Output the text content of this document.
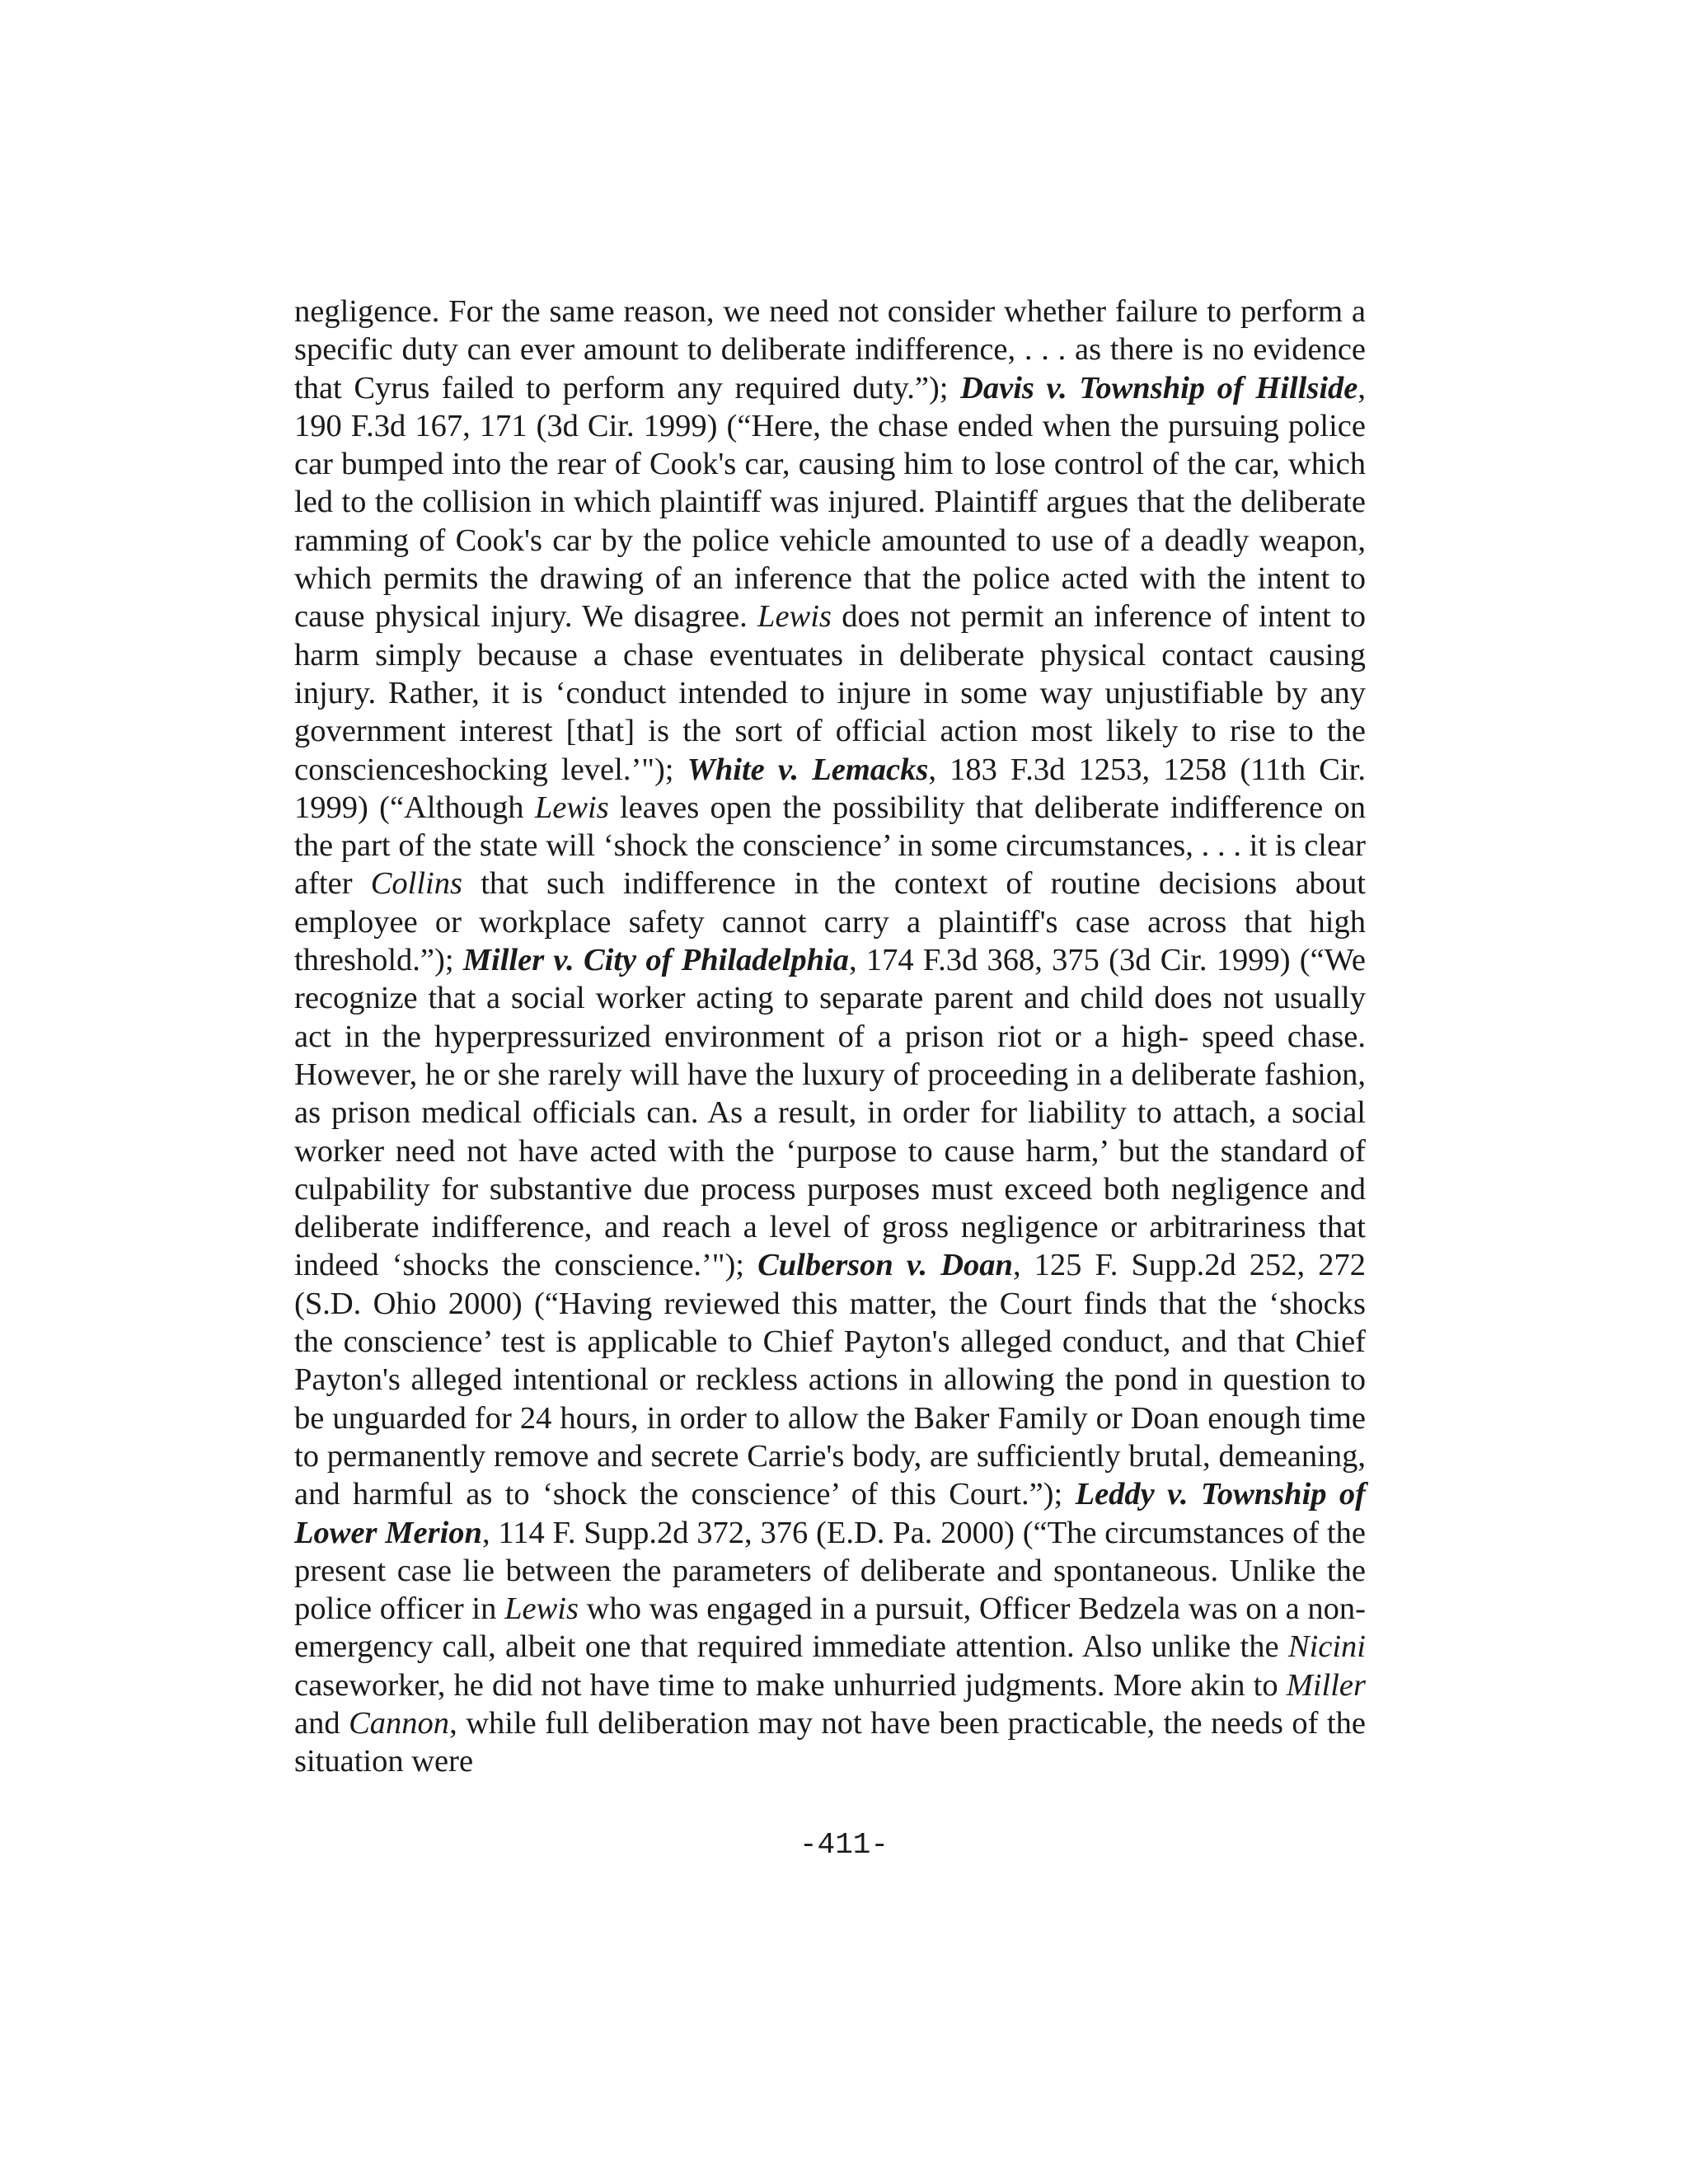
negligence. For the same reason, we need not consider whether failure to perform a specific duty can ever amount to deliberate indifference, . . . as there is no evidence that Cyrus failed to perform any required duty.”); Davis v. Township of Hillside, 190 F.3d 167, 171 (3d Cir. 1999) (“Here, the chase ended when the pursuing police car bumped into the rear of Cook's car, causing him to lose control of the car, which led to the collision in which plaintiff was injured. Plaintiff argues that the deliberate ramming of Cook's car by the police vehicle amounted to use of a deadly weapon, which permits the drawing of an inference that the police acted with the intent to cause physical injury. We disagree. Lewis does not permit an inference of intent to harm simply because a chase eventuates in deliberate physical contact causing injury. Rather, it is ‘conduct intended to injure in some way unjustifiable by any government interest [that] is the sort of official action most likely to rise to the conscienceshocking level.’"); White v. Lemacks, 183 F.3d 1253, 1258 (11th Cir. 1999) (“Although Lewis leaves open the possibility that deliberate indifference on the part of the state will ‘shock the conscience’ in some circumstances, . . . it is clear after Collins that such indifference in the context of routine decisions about employee or workplace safety cannot carry a plaintiff's case across that high threshold.”); Miller v. City of Philadelphia, 174 F.3d 368, 375 (3d Cir. 1999) (“We recognize that a social worker acting to separate parent and child does not usually act in the hyperpressurized environment of a prison riot or a high- speed chase. However, he or she rarely will have the luxury of proceeding in a deliberate fashion, as prison medical officials can. As a result, in order for liability to attach, a social worker need not have acted with the ‘purpose to cause harm,’ but the standard of culpability for substantive due process purposes must exceed both negligence and deliberate indifference, and reach a level of gross negligence or arbitrariness that indeed ‘shocks the conscience.’"); Culberson v. Doan, 125 F. Supp.2d 252, 272 (S.D. Ohio 2000) (“Having reviewed this matter, the Court finds that the ‘shocks the conscience’ test is applicable to Chief Payton's alleged conduct, and that Chief Payton's alleged intentional or reckless actions in allowing the pond in question to be unguarded for 24 hours, in order to allow the Baker Family or Doan enough time to permanently remove and secrete Carrie's body, are sufficiently brutal, demeaning, and harmful as to ‘shock the conscience’ of this Court.”); Leddy v. Township of Lower Merion, 114 F. Supp.2d 372, 376 (E.D. Pa. 2000) (“The circumstances of the present case lie between the parameters of deliberate and spontaneous. Unlike the police officer in Lewis who was engaged in a pursuit, Officer Bedzela was on a non-emergency call, albeit one that required immediate attention. Also unlike the Nicini caseworker, he did not have time to make unhurried judgments. More akin to Miller and Cannon, while full deliberation may not have been practicable, the needs of the situation were
-411-
